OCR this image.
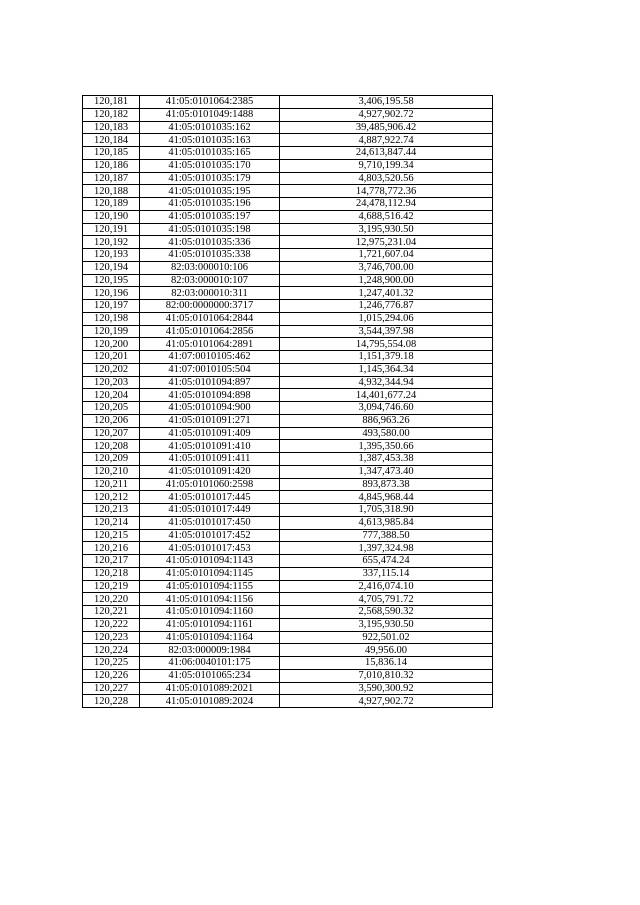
120,181	41:05:0101064:2385	3,406,195.58
120,182	41:05:0101049:1488	4,927,902.72
120,183	41:05:0101035:162	39,485,906.42
120,184	41:05:0101035:163	4,887,922.74
120,185	41:05:0101035:165	24,613,847.44
120,186	41:05:0101035:170	9,710,199.34
120,187	41:05:0101035:179	4,803,520.56
120,188	41:05:0101035:195	14,778,772.36
120,189	41:05:0101035:196	24,478,112.94
120,190	41:05:0101035:197	4,688,516.42
120,191	41:05:0101035:198	3,195,930.50
120,192	41:05:0101035:336	12,975,231.04
120,193	41:05:0101035:338	1,721,607.04
120,194	82:03:000010:106	3,746,700.00
120,195	82:03:000010:107	1,248,900.00
120,196	82:03:000010:311	1,247,401.32
120,197	82:00:0000000:3717	1,246,776.87
120,198	41:05:0101064:2844	1,015,294.06
120,199	41:05:0101064:2856	3,544,397.98
120,200	41:05:0101064:2891	14,795,554.08
120,201	41:07:0010105:462	1,151,379.18
120,202	41:07:0010105:504	1,145,364.34
120,203	41:05:0101094:897	4,932,344.94
120,204	41:05:0101094:898	14,401,677.24
120,205	41:05:0101094:900	3,094,746.60
120,206	41:05:0101091:271	886,963.26
120,207	41:05:0101091:409	493,580.00
120,208	41:05:0101091:410	1,395,350.66
120,209	41:05:0101091:411	1,387,453.38
120,210	41:05:0101091:420	1,347,473.40
120,211	41:05:0101060:2598	893,873.38
120,212	41:05:0101017:445	4,845,968.44
120,213	41:05:0101017:449	1,705,318.90
120,214	41:05:0101017:450	4,613,985.84
120,215	41:05:0101017:452	777,388.50
120,216	41:05:0101017:453	1,397,324.98
120,217	41:05:0101094:1143	655,474.24
120,218	41:05:0101094:1145	337,115.14
120,219	41:05:0101094:1155	2,416,074.10
120,220	41:05:0101094:1156	4,705,791.72
120,221	41:05:0101094:1160	2,568,590.32
120,222	41:05:0101094:1161	3,195,930.50
120,223	41:05:0101094:1164	922,501.02
120,224	82:03:000009:1984	49,956.00
120,225	41:06:0040101:175	15,836.14
120,226	41:05:0101065:234	7,010,810.32
120,227	41:05:0101089:2021	3,590,300.92
120,228	41:05:0101089:2024	4,927,902.72
